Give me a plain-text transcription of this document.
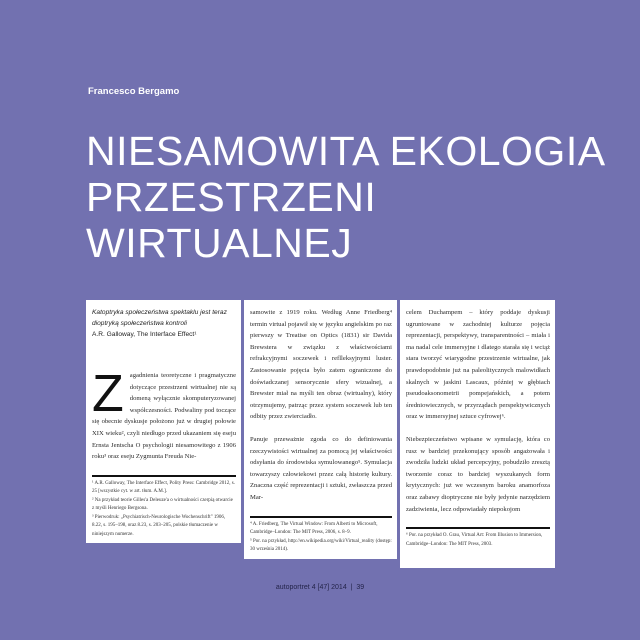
Francesco Bergamo
NIESAMOWITA EKOLOGIA
PRZESTRZENI WIRTUALNEJ
Katoptryka społeczeństwa spektaklu jest teraz
dioptryką społeczeństwa kontroli
A.R. Galloway, The Interface Effect¹

Zagadnienia teoretyczne i pragmatyczne dotyczące przestrzeni wirtualnej nie są domeną wyłącznie skomputeryzowanej współczesności. Podwaliny pod toczące się obecnie dyskusje położono już w drugiej połowie XIX wieku², czyli niedługo przed ukazaniem się eseju Ernsta Jentscha O psychologii niesamowitego z 1906 roku³ oraz eseju Zygmunta Freuda Nie-

¹ A.R. Galloway, The Interface Effect, Polity Press: Cambridge 2012, s. 25 [wszystkie cyt. w art. tłum. A.M.].
² Na przykład teorie Gilles'a Deleuze'a o wirtualności czerpią otwarcie z myśli Henriego Bergsona.
³ Pierwodruk: „Psychiatrisch-Neurologische Wochenschrift" 1906, 8.22, s. 195–198, oraz 8.23, s. 203–205, polskie tłumaczenie w niniejszym numerze.

samowite z 1919 roku. Według Anne Friedberg⁴ termin virtual pojawił się w języku angielskim po raz pierwszy w Treatise on Optics (1831) sir Davida Brewstera w związku z właściwościami refrakcyjnymi soczewek i reflleksyjnymi luster. Zastosowanie pojęcia było zatem ograniczone do doświadczanej sensorycznie sfery wizualnej, a Brewster miał na myśli ten obraz (wirtualny), który otrzymujemy, patrząc przez system soczewek lub ten odbity przez zwierciadło.

Panuje przeważnie zgoda co do definiowania rzeczywistości wirtualnej za pomocą jej właściwości odsyłania do środowiska symulowanego⁵. Symulacja towarzyszy człowiekowi przez całą historię kultury. Znaczna część reprezentacji i sztuki, zwłaszcza przed Mar-

⁴ A. Friedberg, The Virtual Window: From Alberti to Microsoft, Cambridge–London: The MIT Press, 2006, s. 8–9.
⁵ Por. na przykład, http://en.wikipedia.org/wiki/Virtual_reality (dostęp: 30 września 2014).

celem Duchampem – który poddaje dyskusji ugruntowane w zachodniej kulturze pojęcia reprezentacji, perspektywy, transparentności – miała i ma nadal cele immersyjne i dlatego starała się i wciąż stara tworzyć wiarygodne przestrzenie wirtualne, jak prawdopodobnie już na paleolitycznych malowidłach skalnych w jaskini Lascaux, później w głębiach pseudoaksonometrii pompejańskich, a potem średniowiecznych, w przyrządach perspektywicznych oraz w immersyjnej sztuce cyfrowej⁶.

Niebezpieczeństwo wpisane w symulację, która co rusz w bardziej przekonujący sposób angażowała i zwodziła ludzki układ percepcyjny, pobudziło zresztą tworzenie coraz to bardziej wyszukanych form krytycznych: już we wczesnym baroku anamorfoza oraz zabawy dioptryczne nie były jedynie narzędziem zadziwienia, lecz odpowiadały niepokojom

⁶ Por. na przykład O. Grau, Virtual Art: From Illusion to Immersion, Cambridge–London: The MIT Press, 2003.
autoportret 4 [47] 2014  |  39
